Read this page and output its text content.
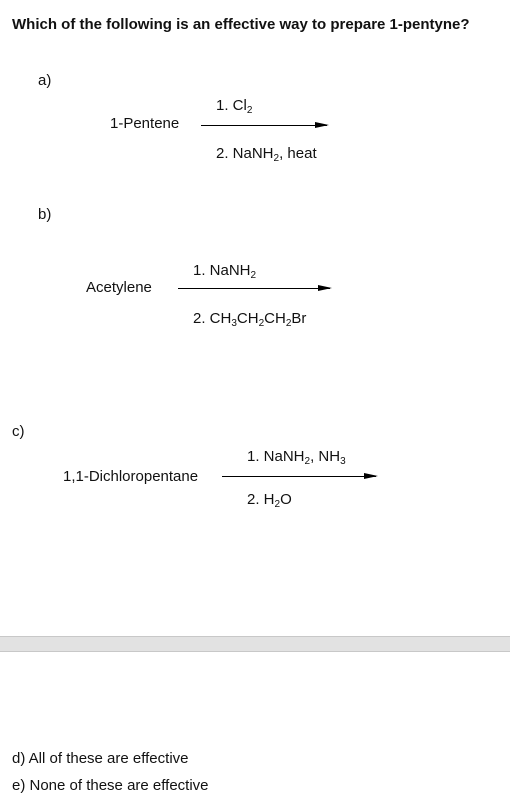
Which of the following is an effective way to prepare 1-pentyne?
a)
1-Pentene
1. $Cl_2$
2. NaNH$_2$, heat
b)
Acetylene
1. NaNH$_2$
2. $CH_3CH_2CH_2Br$
c)
1,1-Dichloropentane
1. NaNH$_2$, $NH_3$
2. $H_2O$
d) All of these are effective
e) None of these are effective
